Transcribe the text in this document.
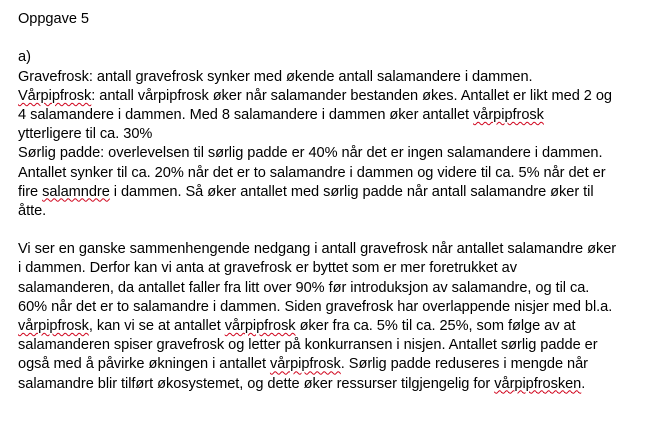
Oppgave 5
a)
Gravefrosk: antall gravefrosk synker med økende antall salamandere i dammen.
Vårpipfrosk: antall vårpipfrosk øker når salamander bestanden økes. Antallet er likt med 2 og
4 salamandere i dammen. Med 8 salamandere i dammen øker antallet vårpipfrosk
ytterligere til ca. 30%
Sørlig padde: overlevelsen til sørlig padde er 40% når det er ingen salamandere i dammen.
Antallet synker til ca. 20% når det er to salamandre i dammen og videre til ca. 5% når det er
fire salamndre i dammen. Så øker antallet med sørlig padde når antall salamandre øker til
åtte.
Vi ser en ganske sammenhengende nedgang i antall gravefrosk når antallet salamandre øker
i dammen. Derfor kan vi anta at gravefrosk er byttet som er mer foretrukket av
salamanderen, da antallet faller fra litt over 90% før introduksjon av salamandre, og til ca.
60% når det er to salamandre i dammen. Siden gravefrosk har overlappende nisjer med bl.a.
vårpipfrosk, kan vi se at antallet vårpipfrosk øker fra ca. 5% til ca. 25%, som følge av at
salamanderen spiser gravefrosk og letter på konkurransen i nisjen. Antallet sørlig padde er
også med å påvirke økningen i antallet vårpipfrosk. Sørlig padde reduseres i mengde når
salamandre blir tilført økosystemet, og dette øker ressurser tilgjengelig for vårpipfrosken.
